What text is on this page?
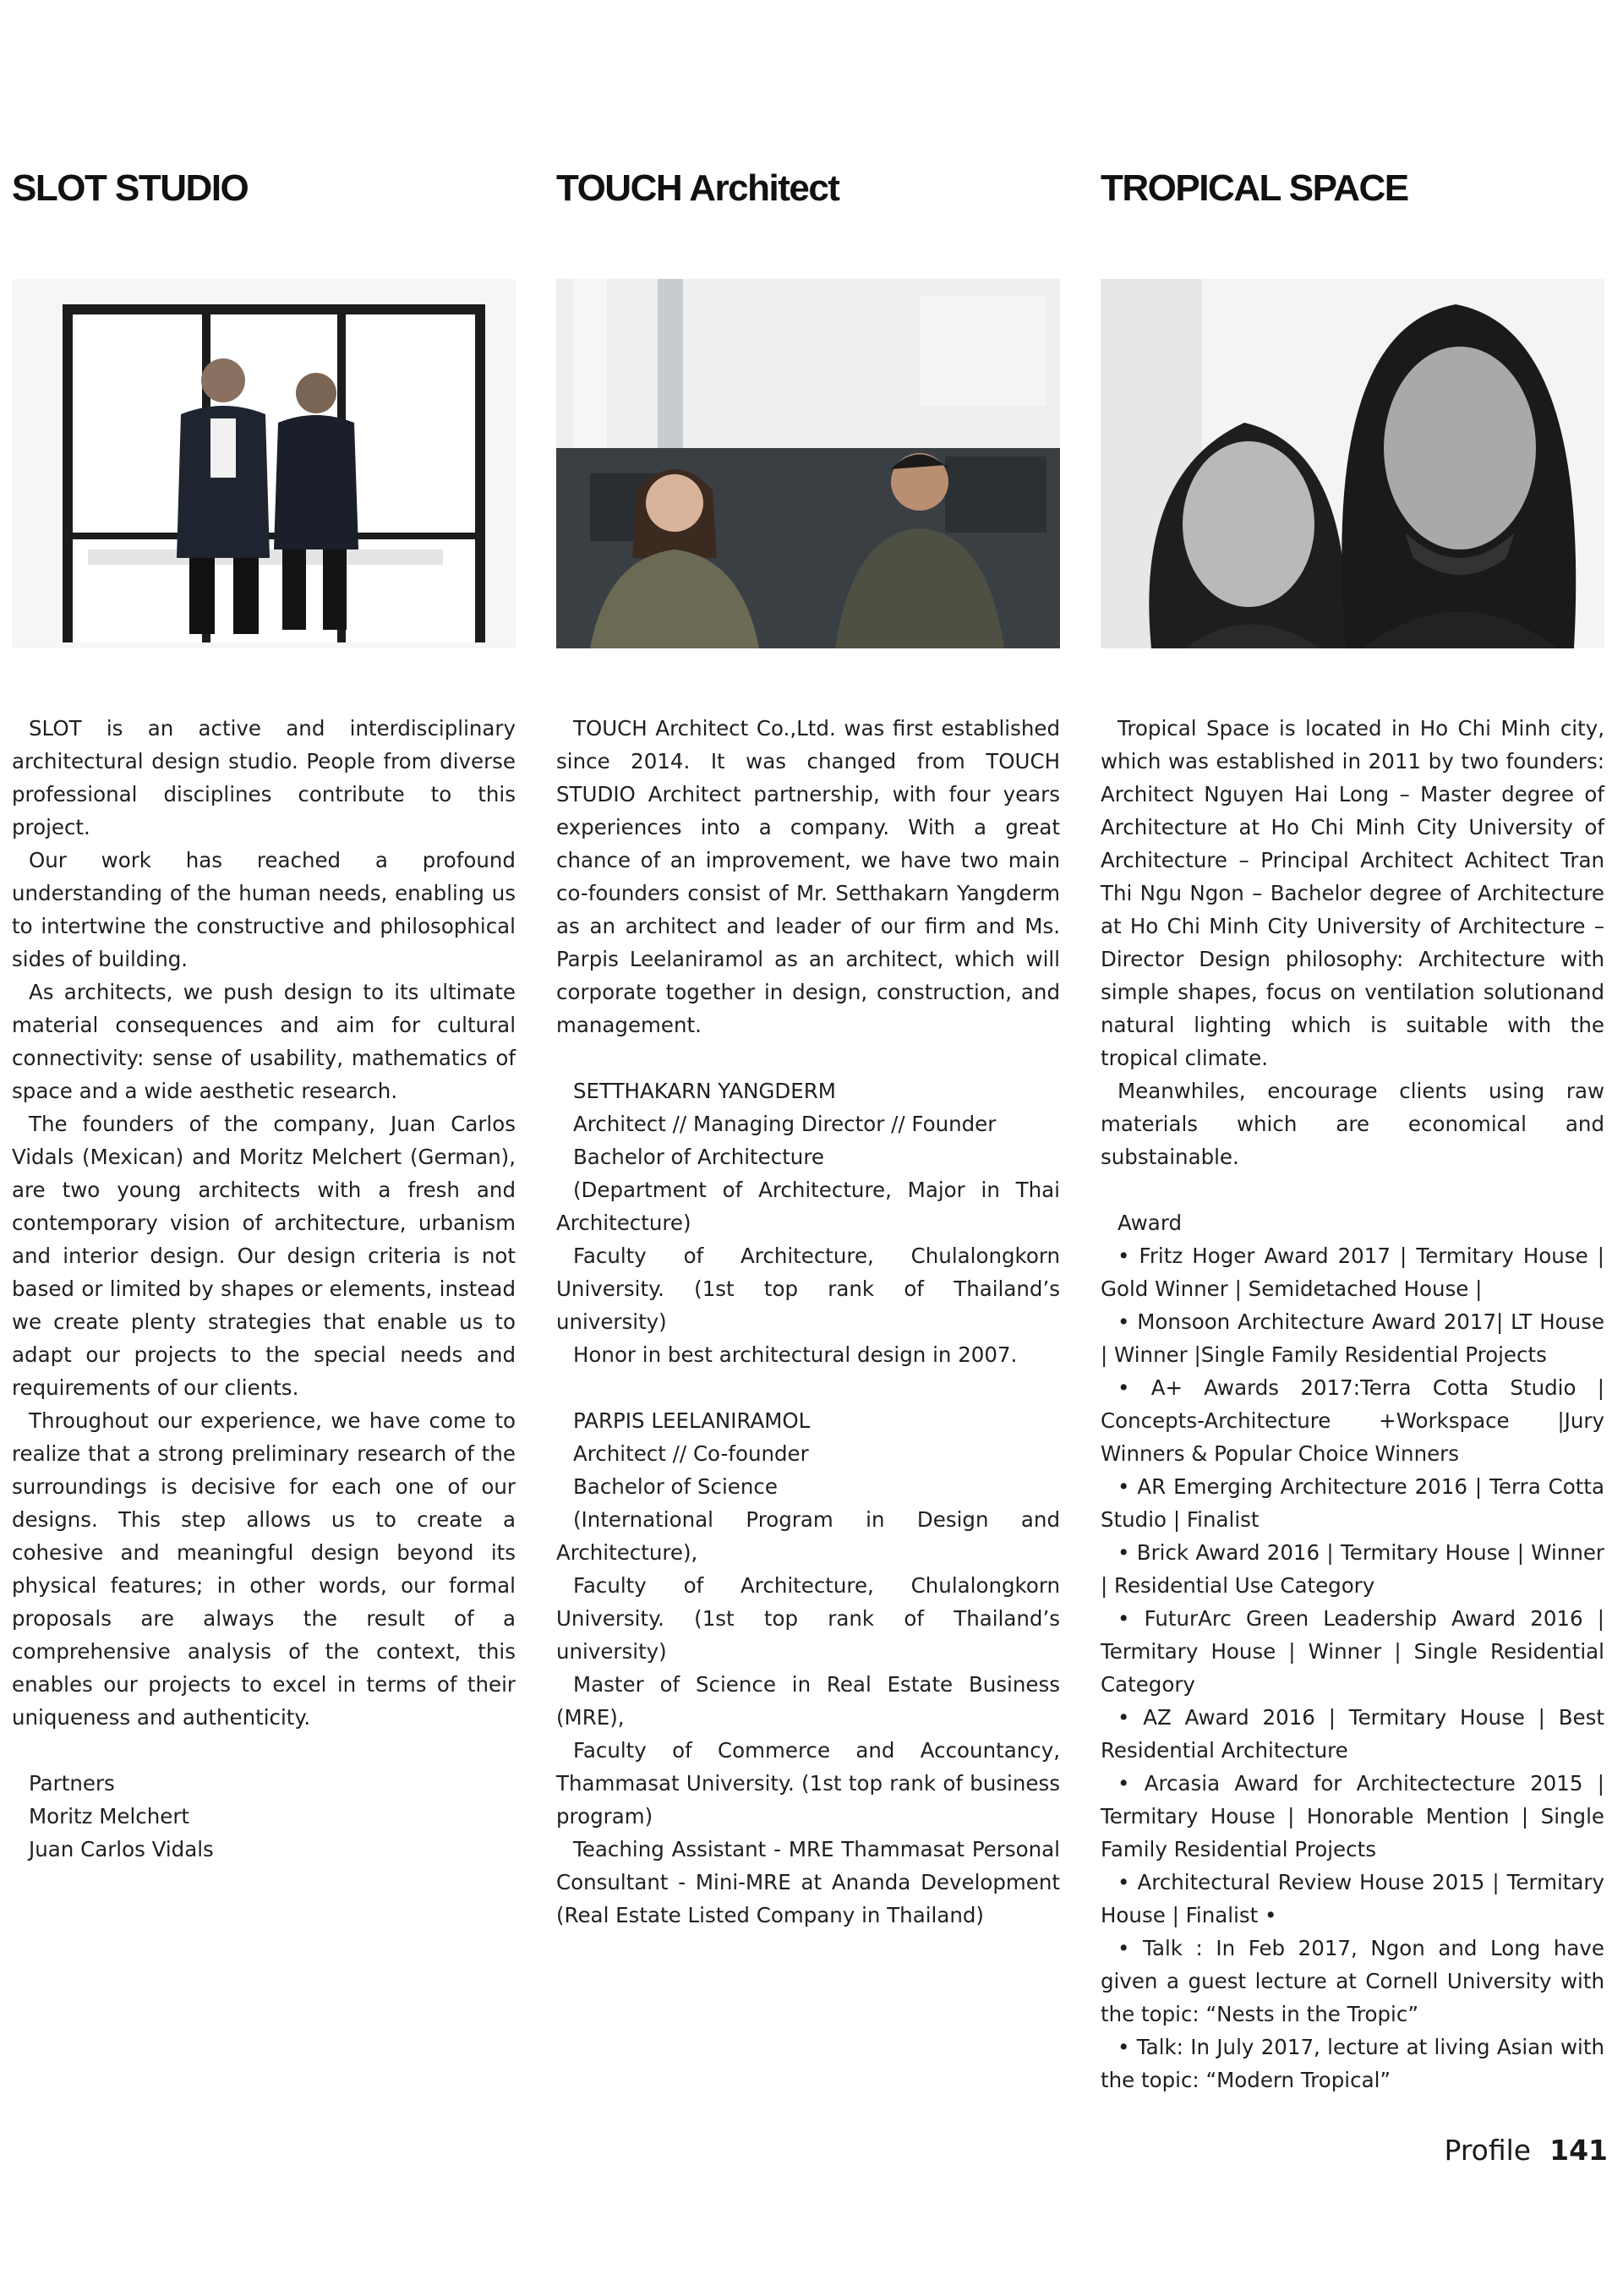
SLOT STUDIO

SLOT is an active and interdisciplinary architectural design studio. People from diverse professional disciplines contribute to this project.

Our work has reached a profound understanding of the human needs, enabling us to intertwine the constructive and philosophical sides of building.

As architects, we push design to its ultimate material consequences and aim for cultural connectivity: sense of usability, mathematics of space and a wide aesthetic research.

The founders of the company, Juan Carlos Vidals (Mexican) and Moritz Melchert (German), are two young architects with a fresh and contemporary vision of architecture, urbanism and interior design. Our design criteria is not based or limited by shapes or elements, instead we create plenty strategies that enable us to adapt our projects to the special needs and requirements of our clients.

Throughout our experience, we have come to realize that a strong preliminary research of the surroundings is decisive for each one of our designs. This step allows us to create a cohesive and meaningful design beyond its physical features; in other words, our formal proposals are always the result of a comprehensive analysis of the context, this enables our projects to excel in terms of their uniqueness and authenticity.

Partners

Moritz Melchert

Juan Carlos Vidals

TOUCH Architect

TOUCH Architect Co.,Ltd. was first established since 2014. It was changed from TOUCH STUDIO Architect partnership, with four years experiences into a company. With a great chance of an improvement, we have two main co-founders consist of Mr. Setthakarn Yangderm as an architect and leader of our firm and Ms. Parpis Leelaniramol as an architect, which will corporate together in design, construction, and management.

SETTHAKARN YANGDERM

Architect // Managing Director // Founder

Bachelor of Architecture

(Department of Architecture, Major in Thai Architecture)

Faculty of Architecture, Chulalongkorn University. (1st top rank of Thailand’s university)

Honor in best architectural design in 2007.

PARPIS LEELANIRAMOL

Architect // Co-founder

Bachelor of Science

(International Program in Design and Architecture),

Faculty of Architecture, Chulalongkorn University. (1st top rank of Thailand’s university)

Master of Science in Real Estate Business (MRE),

Faculty of Commerce and Accountancy, Thammasat University. (1st top rank of business program)

Teaching Assistant - MRE Thammasat Personal Consultant - Mini-MRE at Ananda Development (Real Estate Listed Company in Thailand)

TROPICAL SPACE

Tropical Space is located in Ho Chi Minh city, which was established in 2011 by two founders: Architect Nguyen Hai Long – Master degree of Architecture at Ho Chi Minh City University of Architecture – Principal Architect Achitect Tran Thi Ngu Ngon – Bachelor degree of Architecture at Ho Chi Minh City University of Architecture – Director Design philosophy: Architecture with simple shapes, focus on ventilation solutionand natural lighting which is suitable with the tropical climate.

Meanwhiles, encourage clients using raw materials which are economical and substainable.

Award

• Fritz Hoger Award 2017 | Termitary House | Gold Winner | Semidetached House |

• Monsoon Architecture Award 2017| LT House | Winner |Single Family Residential Projects

• A+ Awards 2017:Terra Cotta Studio | Concepts-Architecture +Workspace |Jury Winners & Popular Choice Winners

• AR Emerging Architecture 2016 | Terra Cotta Studio | Finalist

• Brick Award 2016 | Termitary House | Winner | Residential Use Category

• FuturArc Green Leadership Award 2016 | Termitary House | Winner | Single Residential Category

• AZ Award 2016 | Termitary House | Best Residential Architecture

• Arcasia Award for Architectecture 2015 | Termitary House | Honorable Mention | Single Family Residential Projects

• Architectural Review House 2015 | Termitary House | Finalist •

• Talk : In Feb 2017, Ngon and Long have given a guest lecture at Cornell University with the topic: “Nests in the Tropic”

• Talk: In July 2017, lecture at living Asian with the topic: “Modern Tropical”

Profile 141
